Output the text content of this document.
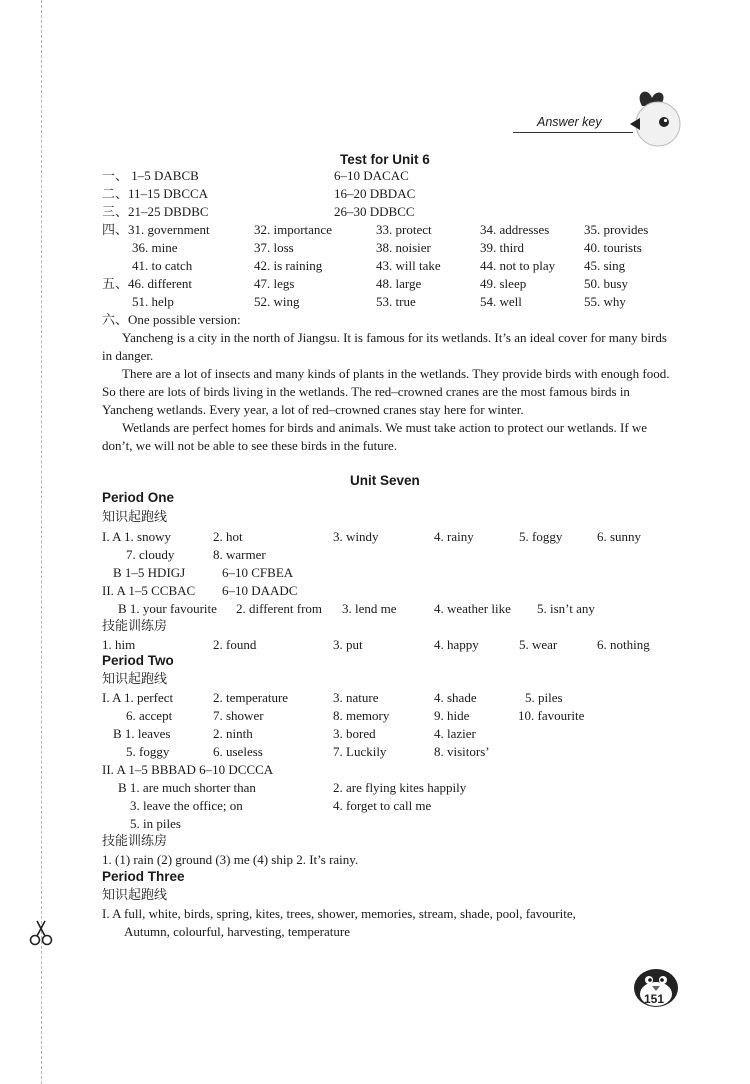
Answer key
Test for Unit 6
一、 1–5 DABCB	6–10 DACAC
二、11–15 DBCCA	16–20 DBDAC
三、21–25 DBDBC	26–30 DDBCC
四、31. government	32. importance	33. protect	34. addresses	35. provides
36. mine	37. loss	38. noisier	39. third	40. tourists
41. to catch	42. is raining	43. will take	44. not to play 45. sing
五、46. different	47. legs	48. large	49. sleep	50. busy
51. help	52. wing	53. true	54. well	55. why
六、One possible version:

Yancheng is a city in the north of Jiangsu. It is famous for its wetlands. It’s an ideal cover for many birds in danger.

There are a lot of insects and many kinds of plants in the wetlands. They provide birds with enough food. So there are lots of birds living in the wetlands. The red–crowned cranes are the most famous birds in Yancheng wetlands. Every year, a lot of red–crowned cranes stay here for winter.

Wetlands are perfect homes for birds and animals. We must take action to protect our wetlands. If we don’t, we will not be able to see these birds in the future.

Unit Seven
Period One
知识起跑线
I. A 1. snowy	2. hot	3. windy	4. rainy	5. foggy	6. sunny
7. cloudy	8. warmer
B 1–5 HDIGJ	6–10 CFBEA
II. A 1–5 CCBAC 6–10 DAADC
B 1. your favourite 2. different from 3. lend me	4. weather like 5. isn’t any
技能训练房
1. him	2. found	3. put	4. happy	5. wear	6. nothing
Period Two
知识起跑线
I. A 1. perfect	2. temperature	3. nature	4. shade	5. piles
6. accept	7. shower	8. memory	9. hide	10. favourite
B 1. leaves	2. ninth	3. bored	4. lazier
5. foggy	6. useless	7. Luckily	8. visitors’
II. A 1–5 BBBAD 6–10 DCCCA
B 1. are much shorter than	2. are flying kites happily
3. leave the office; on	4. forget to call me
5. in piles
技能训练房
1. (1) rain (2) ground (3) me (4) ship 2. It’s rainy.
Period Three
知识起跑线
I. A full, white, birds, spring, kites, trees, shower, memories, stream, shade, pool, favourite,
Autumn, colourful, harvesting, temperature
151
